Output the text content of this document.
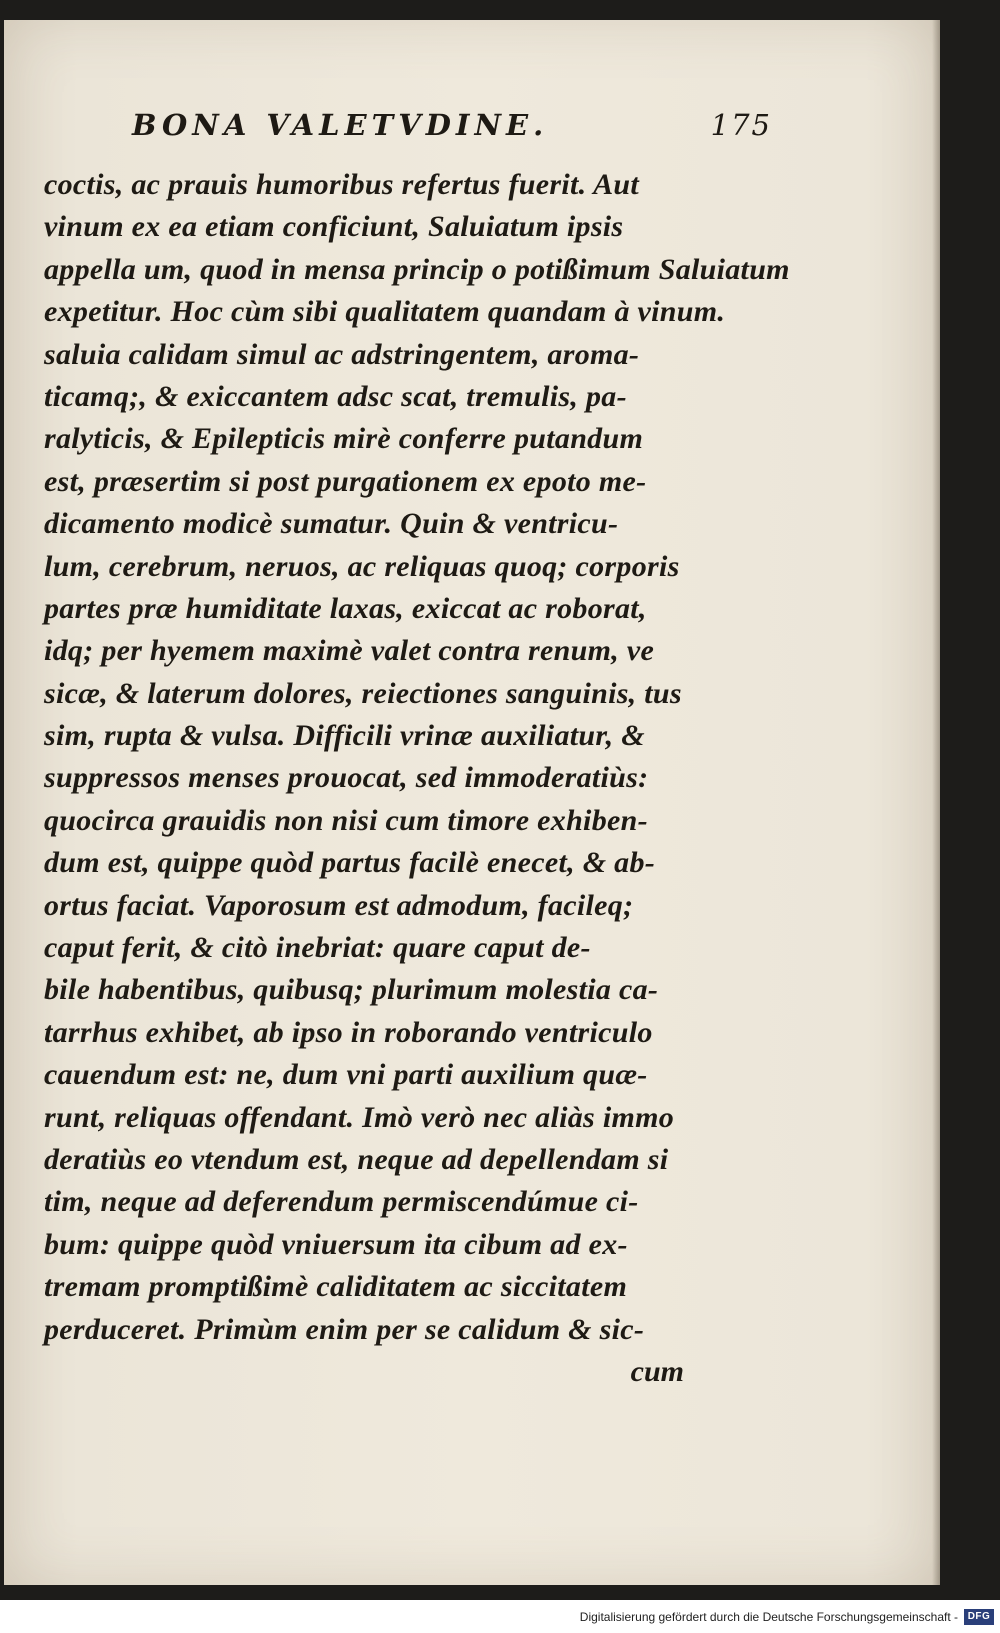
BONA VALETVDINE.	175
coctis, ac prauis humoribus refertus fuerit. Aut
vinum ex ea etiam conficiunt, Saluiatum ipsis
appella um, quod in mensa princip o potißimum Saluiatum
expetitur. Hoc cùm sibi qualitatem quandam à vinum.
saluia calidam simul ac adstringentem, aroma-
ticamq;, & exiccantem adsc scat, tremulis, pa-
ralyticis, & Epilepticis mirè conferre putandum
est, præsertim si post purgationem ex epoto me-
dicamento modicè sumatur. Quin & ventricu-
lum, cerebrum, neruos, ac reliquas quoq; corporis
partes præ humiditate laxas, exiccat ac roborat,
idq; per hyemem maximè valet contra renum, ve
sicæ, & laterum dolores, reiectiones sanguinis, tus
sim, rupta & vulsa. Difficili vrinæ auxiliatur, &
suppressos menses prouocat, sed immoderatiùs:
quocirca grauidis non nisi cum timore exhiben-
dum est, quippe quòd partus facilè enecet, & ab-
ortus faciat. Vaporosum est admodum, facileq;
caput ferit, & citò inebriat: quare caput de-
bile habentibus, quibusq; plurimum molestia ca-
tarrhus exhibet, ab ipso in roborando ventriculo
cauendum est: ne, dum vni parti auxilium quæ-
runt, reliquas offendant. Imò verò nec aliàs immo
deratiùs eo vtendum est, neque ad depellendam si
tim, neque ad deferendum permiscendúmue ci-
bum: quippe quòd vniuersum ita cibum ad ex-
tremam promptißimè caliditatem ac siccitatem
perduceret. Primùm enim per se calidum & sic-
cum
Digitalisierung gefördert durch die Deutsche Forschungsgemeinschaft - DFG
